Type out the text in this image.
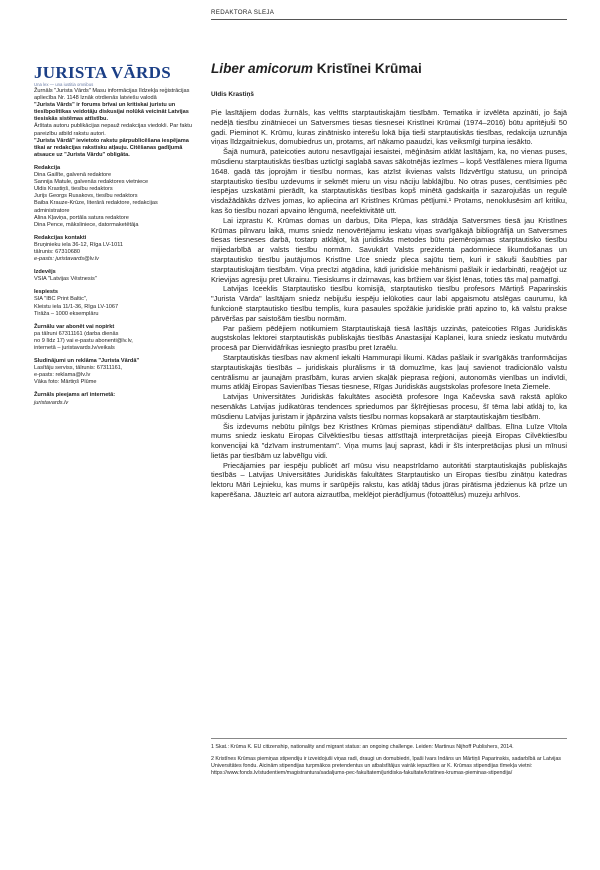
REDAKTORA SLEJA
JURISTA VĀRDS
Una lex — una iustitia omnibus

Žurnāls "Jurista Vārds" Masu informācijas līdzekļa reģistrācijas apliecība Nr. 1148 Iznāk otrdienās latviešu valodā

"Jurista Vārds" ir forums brīvai un kritiskai juristu un tiesībpolitikas veidotāju diskusijai nolūkā veicināt Latvijas tiesiskās sistēmas attīstību.

Ārštata autoru publikācijas nepauž redakcijas viedokli. Par faktu pareizību atbild rakstu autori.

"Jurista Vārdā" ievietoto rakstu pārpublicēšana iespējama tikai ar redakcijas rakstisku atļauju. Citēšanas gadījumā atsauce uz "Jurista Vārdu" obligāta.

Redakcija

Dina Gailīte, galvenā redaktore

Sannija Matule, galvenās redaktores vietniece

Uldis Krastiņš, tiesību redaktors

Jurijs Georgs Rusakovs, tiesību redaktors

Baiba Krauze-Krūze, literārā redaktore, redakcijas administratore

Alina Kļaviņa, portāla satura redaktore

Dina Pence, māksliniece, datormaketētāja

Redakcijas kontakti

Bruņinieku iela 36-12, Rīga LV-1011

tālrunis: 67310680

e-pasts: juristavards@lv.lv

Izdevējs

VSIA "Latvijas Vēstnesis"

Iespiests

SIA "IBC Print Baltic",

Kleistu iela 11/1-36, Rīga LV-1067

Tirāža – 1000 eksemplāru

Žurnālu var abonēt vai nopirkt

pa tālruni 67311161 (darba dienās

no 9 līdz 17) vai e-pastu abonenti@lv.lv,

internetā – juristavards.lv/veikals

Sludinājumi un reklāma "Jurista Vārdā"

Lasītāju serviss, tālrunis: 67311161,

e-pasts: reklama@lv.lv

Vāka foto: Mārtiņš Plūme

Žurnāls pieejams arī internetā:

juristavards.lv

Liber amicorum Kristīnei Krūmai
Uldis Krastiņš

Pie lasītājiem dodas žurnāls, kas veltīts starptautiskajām tiesībām. Tematika ir izvēlēta apzināti, jo šajā nedēļā tiesību zinātniecei un Satversmes tiesas tiesnesei Kristīnei Krūmai (1974–2016) būtu apritējuši 50 gadi. Pieminot K. Krūmu, kuras zinātnisko interešu lokā bija tieši starptautiskās tiesības, redakcija uzrunāja viņas līdzgaitniekus, domubiedrus un, protams, arī nākamo paaudzi, kas veiksmīgi turpina iesākto.

Šajā numurā, pateicoties autoru nesavtīgajai iesaistei, mēģināsim atklāt lasītājam, ka, no vienas puses, mūsdienu starptautiskās tiesības uzticīgi saglabā savas sākotnējās iezīmes – kopš Vestfālenes miera līguma 1648. gadā tās joprojām ir tiesību normas, kas atzīst ikvienas valsts līdzvērtīgu statusu, un principā starptautisko tiesību uzdevums ir sekmēt mieru un visu nāciju labklājību. No otras puses, centīsimies pēc iespējas uzskatāmi pierādīt, ka starptautiskās tiesības kopš minētā gadskaitļa ir sazarojušās un regulē visdažādākās dzīves jomas, ko apliecina arī Kristīnes Krūmas pētījumi.¹ Protams, nenoklusēsim arī kritiku, kas šo tiesību nozari apvaino lēngumā, neefektivitātē utt.

Lai izprastu K. Krūmas domas un darbus, Dita Plepa, kas strādāja Satversmes tiesā jau Kristīnes Krūmas pilnvaru laikā, mums sniedz nenovērtējamu ieskatu viņas svarīgākajā bibliogrāfijā un Satversmes tiesas tiesneses darbā, tostarp atklājot, kā juridiskās metodes būtu piemērojamas starptautisko tiesību mijiedarbībā ar valsts tiesību normām. Savukārt Valsts prezidenta padomniece likumdošanas un starptautisko tiesību jautājumos Kristīne Līce sniedz pleca sajūtu tiem, kuri ir sākuši šaubīties par starptautiskajām tiesībām. Viņa precīzi atgādina, kādi juridiskie mehānismi pašlaik ir iedarbināti, reaģējot uz Krievijas agresiju pret Ukrainu. Tiesiskums ir dzirnavas, kas brīžiem var šķist lēnas, toties tās maļ pamatīgi.

Latvijas Iceeklis Starptautisko tiesību komisijā, starptautisko tiesību profesors Mārtiņš Paparinskis "Jurista Vārda" lasītājam sniedz nebijušu iespēju ielūkoties caur labi apgaismotu atslēgas caurumu, kā funkcionē starptautisko tiesību templis, kura pasaules spožākie juridiskie prāti apzino to, kā valstu prakse pārvēršas par saistošām tiesību normām.

Par pašiem pēdējiem notikumiem Starptautiskajā tiesā lasītājs uzzinās, pateicoties Rīgas Juridiskās augstskolas lektorei starptautiskās publiskajās tiesībās Anastasijai Kaplanei, kura sniedz ieskatu mutvārdu procesā par Dienvidāfrikas iesniegto prasību pret Izraēlu.

Starptautiskās tiesības nav akmenī iekalti Hammurapi likumi. Kādas pašlaik ir svarīgākās tranformācijas starptautiskajās tiesībās – juridiskais plurālisms ir tā domuzīme, kas ļauj savienot tradicionālo valstu centrālismu ar jaunajām prasībām, kuras arvien skaļāk pieprasa reģioni, autonomās vienības un indivīdi, mums atklāj Eiropas Savienības Tiesas tiesnese, Rīgas Juridiskās augstskolas profesore Ineta Ziemele.

Latvijas Universitātes Juridiskās fakultātes asociētā profesore Inga Kačevska savā rakstā aplūko nesenākās Latvijas judikatūras tendences spriedumos par šķīrējtiesas procesu, šī tēma labi atklāj to, ka mūsdienu Latvijas juristam ir jāpārzina valsts tiesību normas kopsakarā ar starptautiskajām tiesībām.

Šis izdevums nebūtu pilnīgs bez Kristīnes Krūmas piemiņas stipendiātu² dalības. Elīna Luīze Vītola mums sniedz ieskatu Eiropas Cilvēktiesību tiesas attīstītajā interpretācijas pieejā Eiropas Cilvēktiesību konvencijai kā "dzīvam instrumentam". Viņa mums ļauj saprast, kādi ir šīs interpretācijas plusi un mīnusi lietās par tiesībām uz labvēlīgu vidi.

Priecājamies par iespēju publicēt arī mūsu visu neapstrīdamo autoritāti starptautiskajās publiskajās tiesībās – Latvijas Universitātes Juridiskās fakultātes Starptautisko un Eiropas tiesību zinātņu katedras lektoru Māri Lejnieku, kas mums ir sarūpējis rakstu, kas atklāj tādus jūras pirātisma jēdzienus kā prīze un kaperēšana. Jāuzteic arī autora aizrautība, meklējot pierādījumus (fotoattēlus) muzeju arhīvos.

1 Skat.: Krūma K. EU citizenship, nationality and migrant status: an ongoing challenge. Leiden: Martinus Nijhoff Publishers, 2014.

2 Kristīnes Krūmas piemiņas stipendiju ir izveidojuši viņas radi, draugi un domubiedri, īpaši Ivars Indāns un Mārtiņš Paparinskis, sadarbībā ar Latvijas Universitātes fondu. Aicinām stipendijas turpmākos pretendentus un atbalstītājus vairāk iepazīties ar K. Krūmas stipendijas tīmekļa vietni: https://www.fonds.lv/studentiem/magistrantura/sadaljums-pec-fakultatem/juridiska-fakultate/kristines-krumas-pieminas-stipendija/
